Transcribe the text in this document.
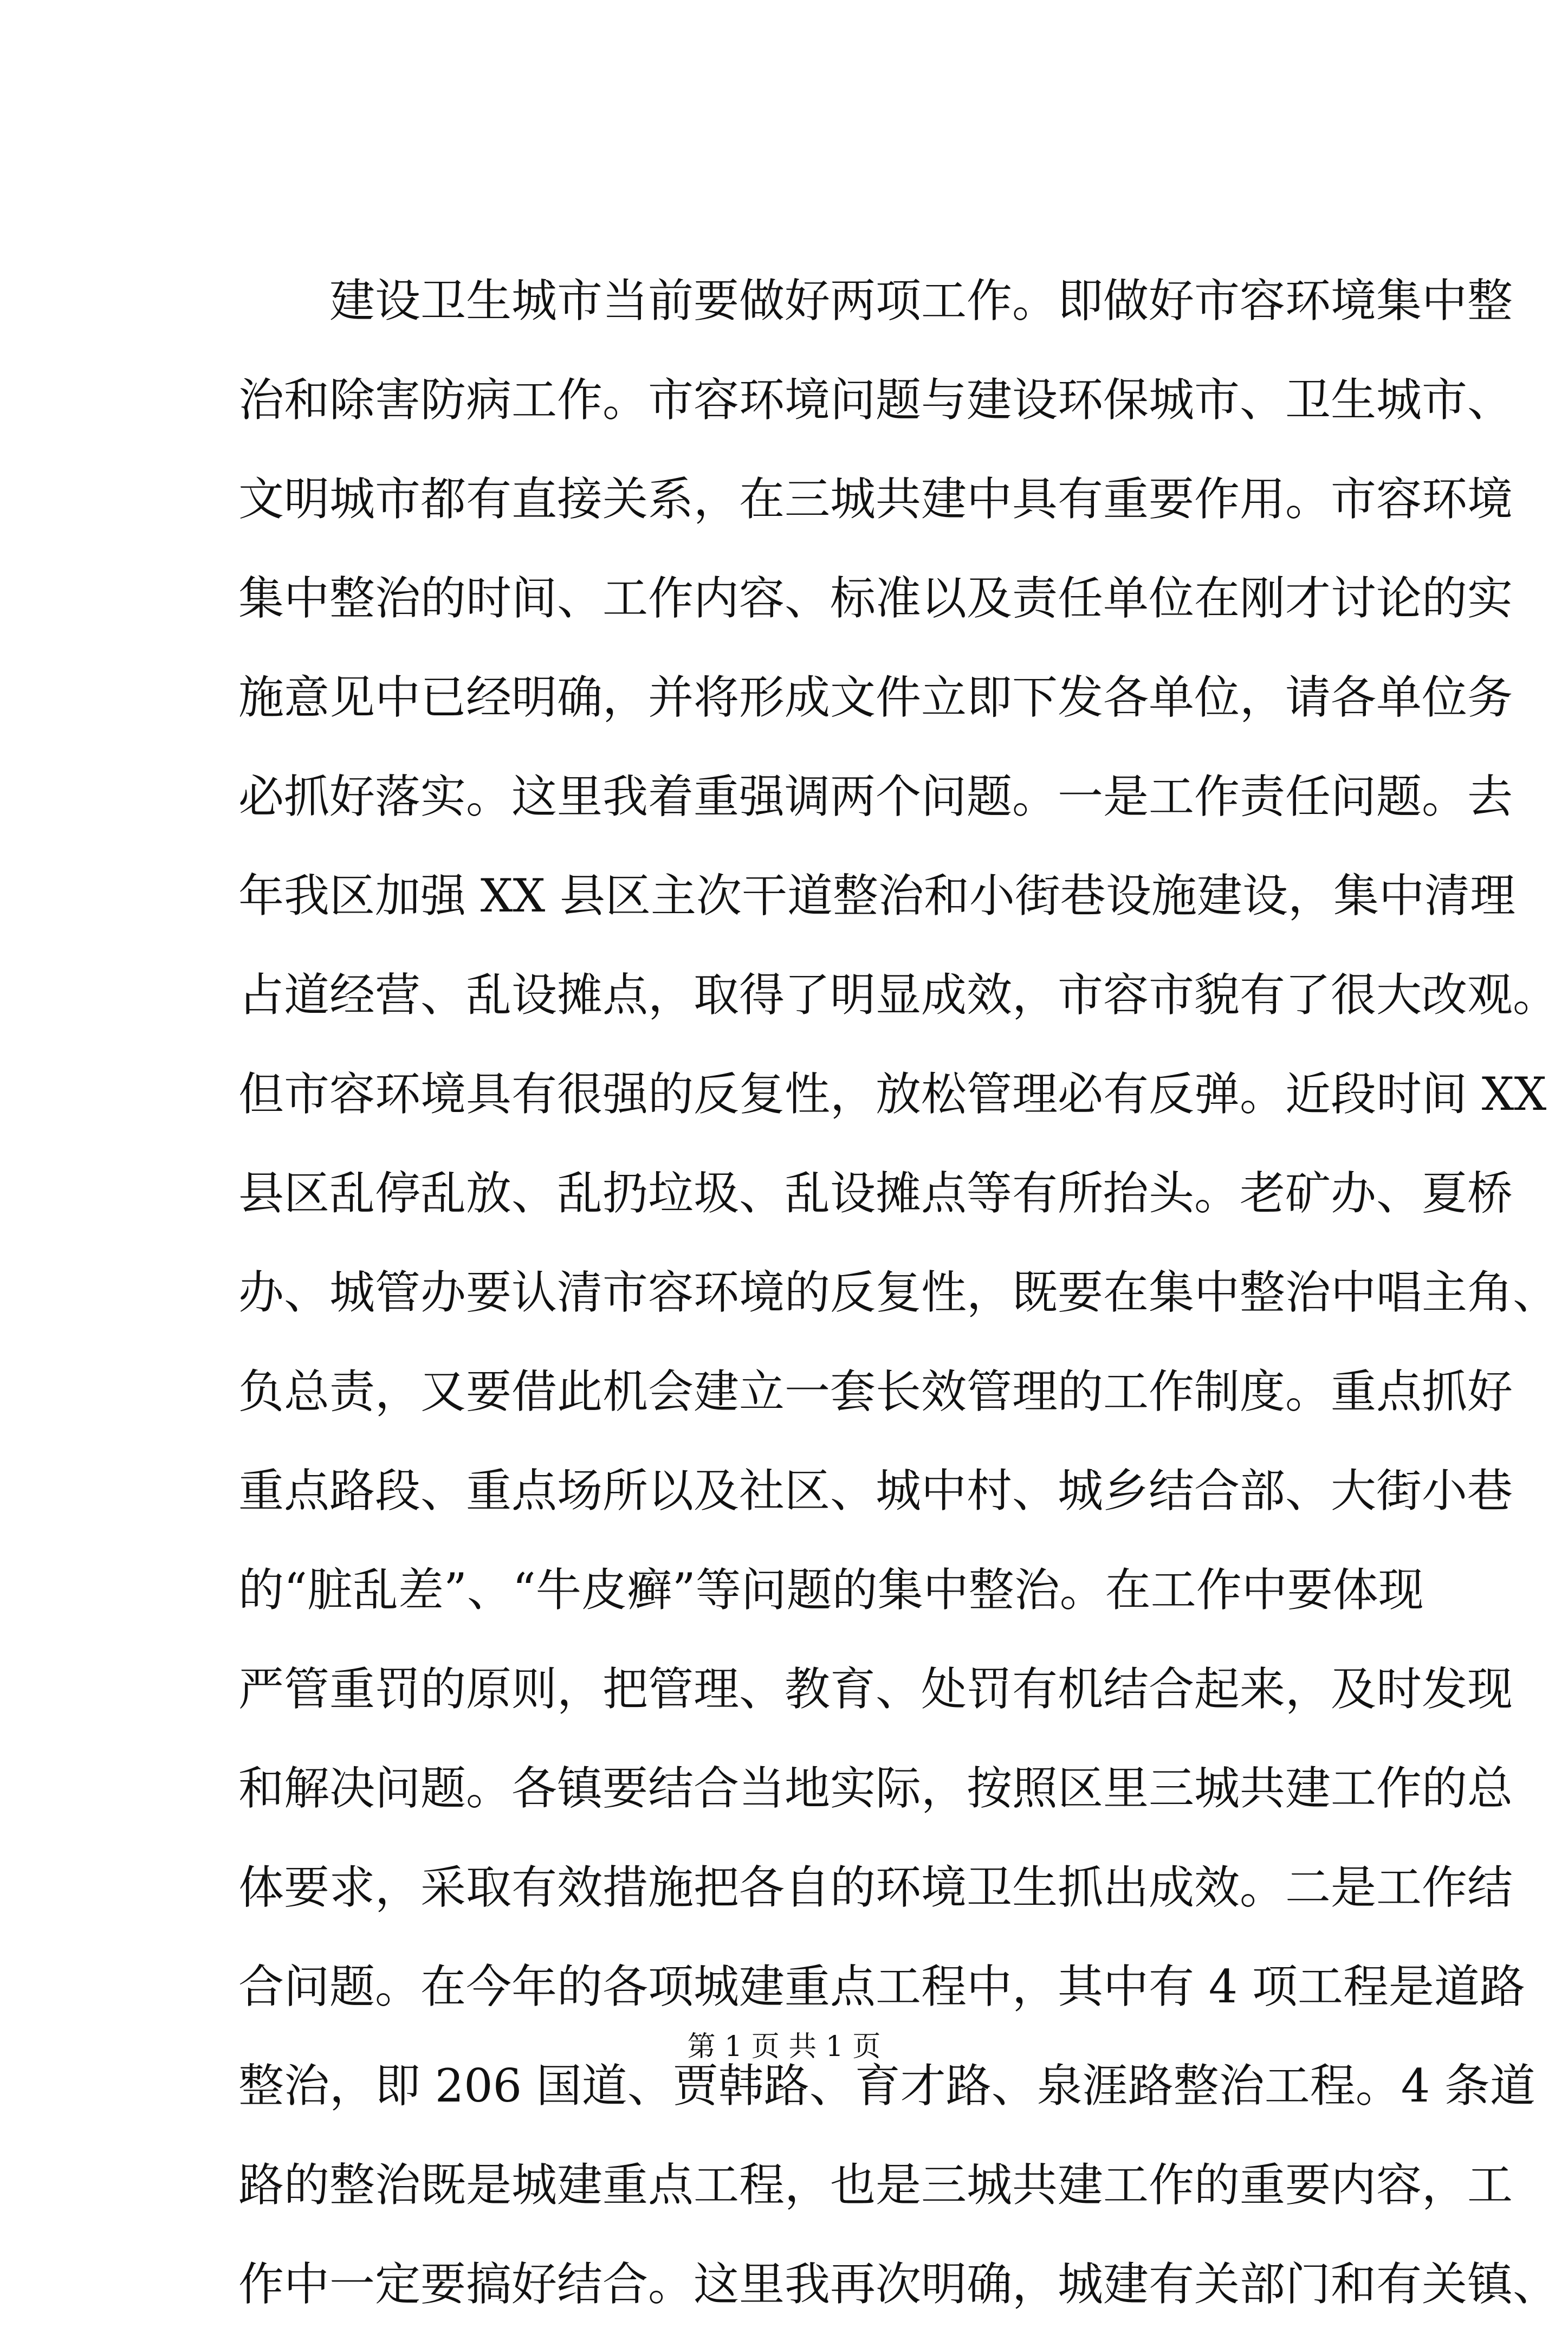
建设卫生城市当前要做好两项工作。即做好市容环境集中整
治和除害防病工作。市容环境问题与建设环保城市、卫生城市、
文明城市都有直接关系，在三城共建中具有重要作用。市容环境
集中整治的时间、工作内容、标准以及责任单位在刚才讨论的实
施意见中已经明确，并将形成文件立即下发各单位，请各单位务
必抓好落实。这里我着重强调两个问题。一是工作责任问题。去
年我区加强 XX 县区主次干道整治和小街巷设施建设，集中清理
占道经营、乱设摊点，取得了明显成效，市容市貌有了很大改观。
但市容环境具有很强的反复性，放松管理必有反弹。近段时间 XX
县区乱停乱放、乱扔垃圾、乱设摊点等有所抬头。老矿办、夏桥
办、城管办要认清市容环境的反复性，既要在集中整治中唱主角、
负总责，又要借此机会建立一套长效管理的工作制度。重点抓好
重点路段、重点场所以及社区、城中村、城乡结合部、大街小巷
的“脏乱差”、“牛皮癣”等问题的集中整治。在工作中要体现
严管重罚的原则，把管理、教育、处罚有机结合起来，及时发现
和解决问题。各镇要结合当地实际，按照区里三城共建工作的总
体要求，采取有效措施把各自的环境卫生抓出成效。二是工作结
合问题。在今年的各项城建重点工程中，其中有 4 项工程是道路
整治，即 206 国道、贾韩路、育才路、泉涯路整治工程。4 条道
路的整治既是城建重点工程，也是三城共建工作的重要内容，工
作中一定要搞好结合。这里我再次明确，城建有关部门和有关镇、
第 1 页 共 1 页
